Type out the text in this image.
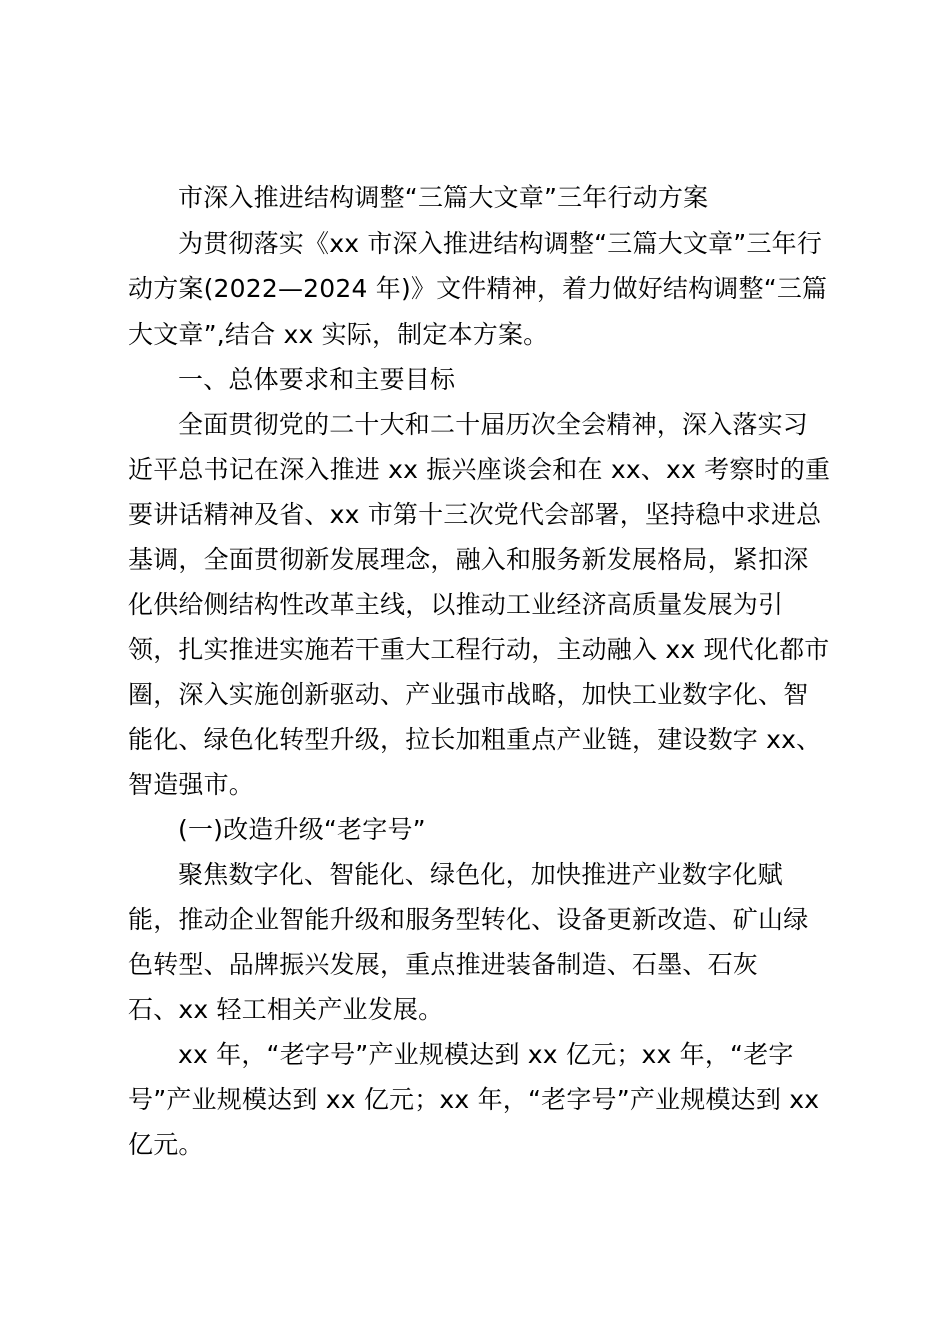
市深入推进结构调整“三篇大文章”三年行动方案
为贯彻落实《xx 市深入推进结构调整“三篇大文章”三年行
动方案(2022—2024 年)》文件精神，着力做好结构调整“三篇
大文章”,结合 xx 实际，制定本方案。
一、总体要求和主要目标
全面贯彻党的二十大和二十届历次全会精神，深入落实习
近平总书记在深入推进 xx 振兴座谈会和在 xx、xx 考察时的重
要讲话精神及省、xx 市第十三次党代会部署，坚持稳中求进总
基调，全面贯彻新发展理念，融入和服务新发展格局，紧扣深
化供给侧结构性改革主线，以推动工业经济高质量发展为引
领，扎实推进实施若干重大工程行动，主动融入 xx 现代化都市
圈，深入实施创新驱动、产业强市战略，加快工业数字化、智
能化、绿色化转型升级，拉长加粗重点产业链，建设数字 xx、
智造强市。
(一)改造升级“老字号”
聚焦数字化、智能化、绿色化，加快推进产业数字化赋
能，推动企业智能升级和服务型转化、设备更新改造、矿山绿
色转型、品牌振兴发展，重点推进装备制造、石墨、石灰
石、xx 轻工相关产业发展。
xx 年，“老字号”产业规模达到 xx 亿元；xx 年，“老字
号”产业规模达到 xx 亿元；xx 年，“老字号”产业规模达到 xx
亿元。
